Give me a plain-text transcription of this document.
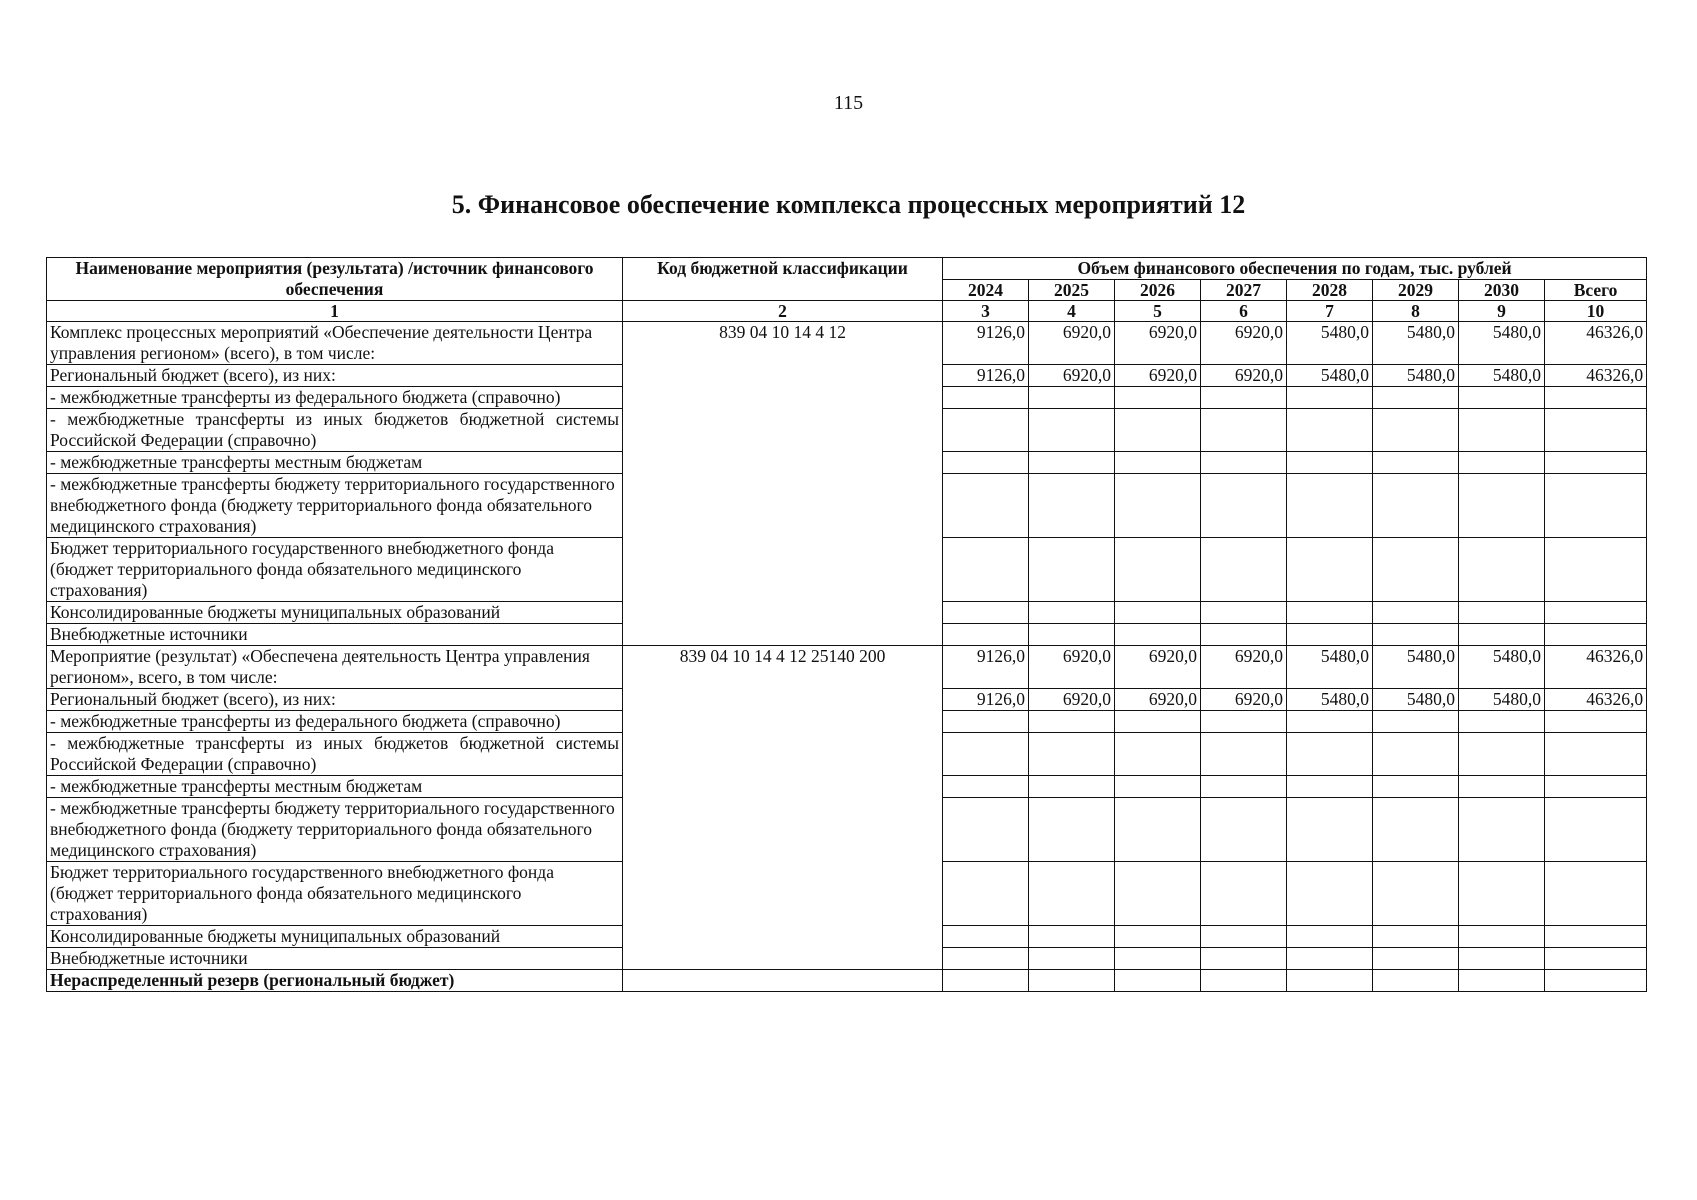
115
5. Финансовое обеспечение комплекса процессных мероприятий 12
Наименование мероприятия (результата) /источник финансового обеспечения	Код бюджетной классификации	Объем финансового обеспечения по годам, тыс. рублей							
		2024	2025	2026	2027	2028	2029	2030	Всего
1	2	3	4	5	6	7	8	9	10
Комплекс процессных мероприятий «Обеспечение деятельности Центра управления регионом» (всего), в том числе:	839 04 10 14 4 12	9126,0	6920,0	6920,0	6920,0	5480,0	5480,0	5480,0	46326,0
Региональный бюджет (всего), из них:		9126,0	6920,0	6920,0	6920,0	5480,0	5480,0	5480,0	46326,0
- межбюджетные трансферты из федерального бюджета (справочно)									
- межбюджетные трансферты из иных бюджетов бюджетной системы Российской Федерации (справочно)									
- межбюджетные трансферты местным бюджетам									
- межбюджетные трансферты бюджету территориального государственного внебюджетного фонда (бюджету территориального фонда обязательного медицинского страхования)									
Бюджет территориального государственного внебюджетного фонда (бюджет территориального фонда обязательного медицинского страхования)									
Консолидированные бюджеты муниципальных образований									
Внебюджетные источники									
Мероприятие (результат) «Обеспечена деятельность Центра управления регионом», всего, в том числе:	839 04 10 14 4 12 25140 200	9126,0	6920,0	6920,0	6920,0	5480,0	5480,0	5480,0	46326,0
Региональный бюджет (всего), из них:		9126,0	6920,0	6920,0	6920,0	5480,0	5480,0	5480,0	46326,0
- межбюджетные трансферты из федерального бюджета (справочно)									
- межбюджетные трансферты из иных бюджетов бюджетной системы Российской Федерации (справочно)									
- межбюджетные трансферты местным бюджетам									
- межбюджетные трансферты бюджету территориального государственного внебюджетного фонда (бюджету территориального фонда обязательного медицинского страхования)									
Бюджет территориального государственного внебюджетного фонда (бюджет территориального фонда обязательного медицинского страхования)									
Консолидированные бюджеты муниципальных образований									
Внебюджетные источники									
Нераспределенный резерв (региональный бюджет)									
